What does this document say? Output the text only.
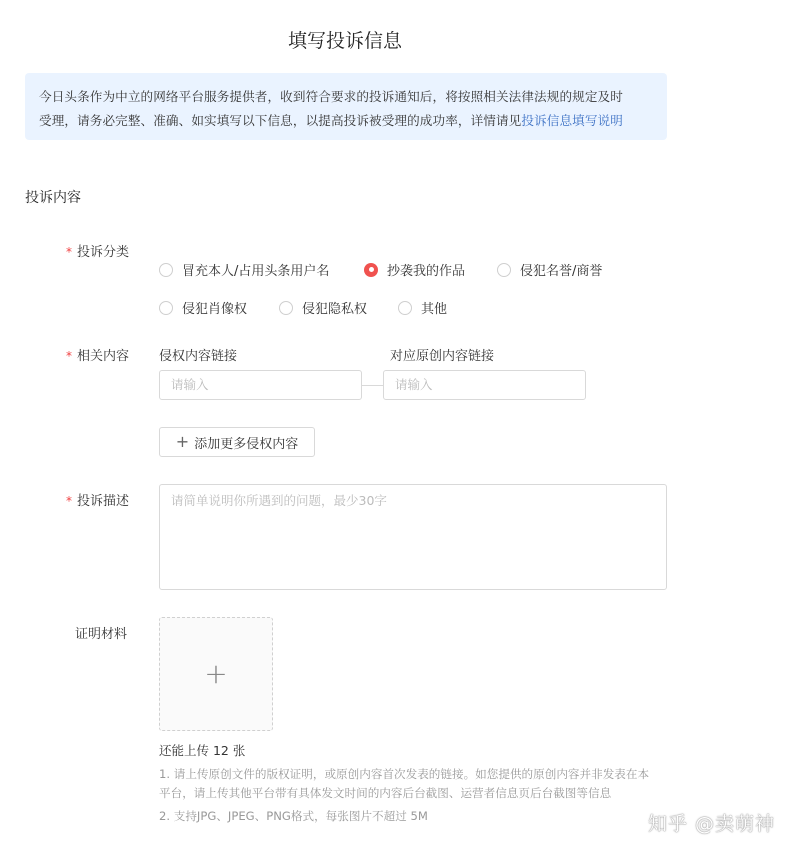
填写投诉信息
今日头条作为中立的网络平台服务提供者，收到符合要求的投诉通知后，将按照相关法律法规的规定及时
受理，请务必完整、准确、如实填写以下信息，以提高投诉被受理的成功率，详情请见投诉信息填写说明
投诉内容
* 投诉分类
冒充本人/占用头条用户名	抄袭我的作品	侵犯名誉/商誉
侵犯肖像权	侵犯隐私权	其他
* 相关内容 侵权内容链接	对应原创内容链接
请输入	请输入
+ 添加更多侵权内容
* 投诉描述	请简单说明你所遇到的问题，最少30字
证明材料
+
还能上传 12 张

1. 请上传原创文件的版权证明，或原创内容首次发表的链接。如您提供的原创内容并非发表在本
平台，请上传其他平台带有具体发文时间的内容后台截图、运营者信息页后台截图等信息

2. 支持JPG、JPEG、PNG格式，每张图片不超过 5M	知乎 @卖萌神
